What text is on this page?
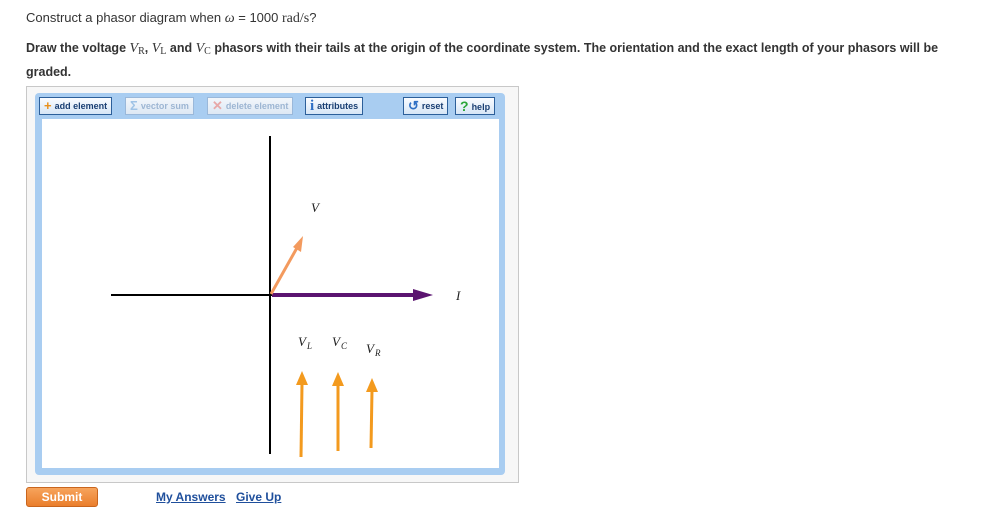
Construct a phasor diagram when ω = 1000 rad/s?
Draw the voltage $V_R$, $V_L$ and $V_C$ phasors with their tails at the origin of the coordinate system. The orientation and the exact length of your phasors will be graded.
+ add element	Σ vector sum	✕ delete element	iattributes	↺ reset	? help
V
I
V L V C V R
Submit	My Answers Give Up
